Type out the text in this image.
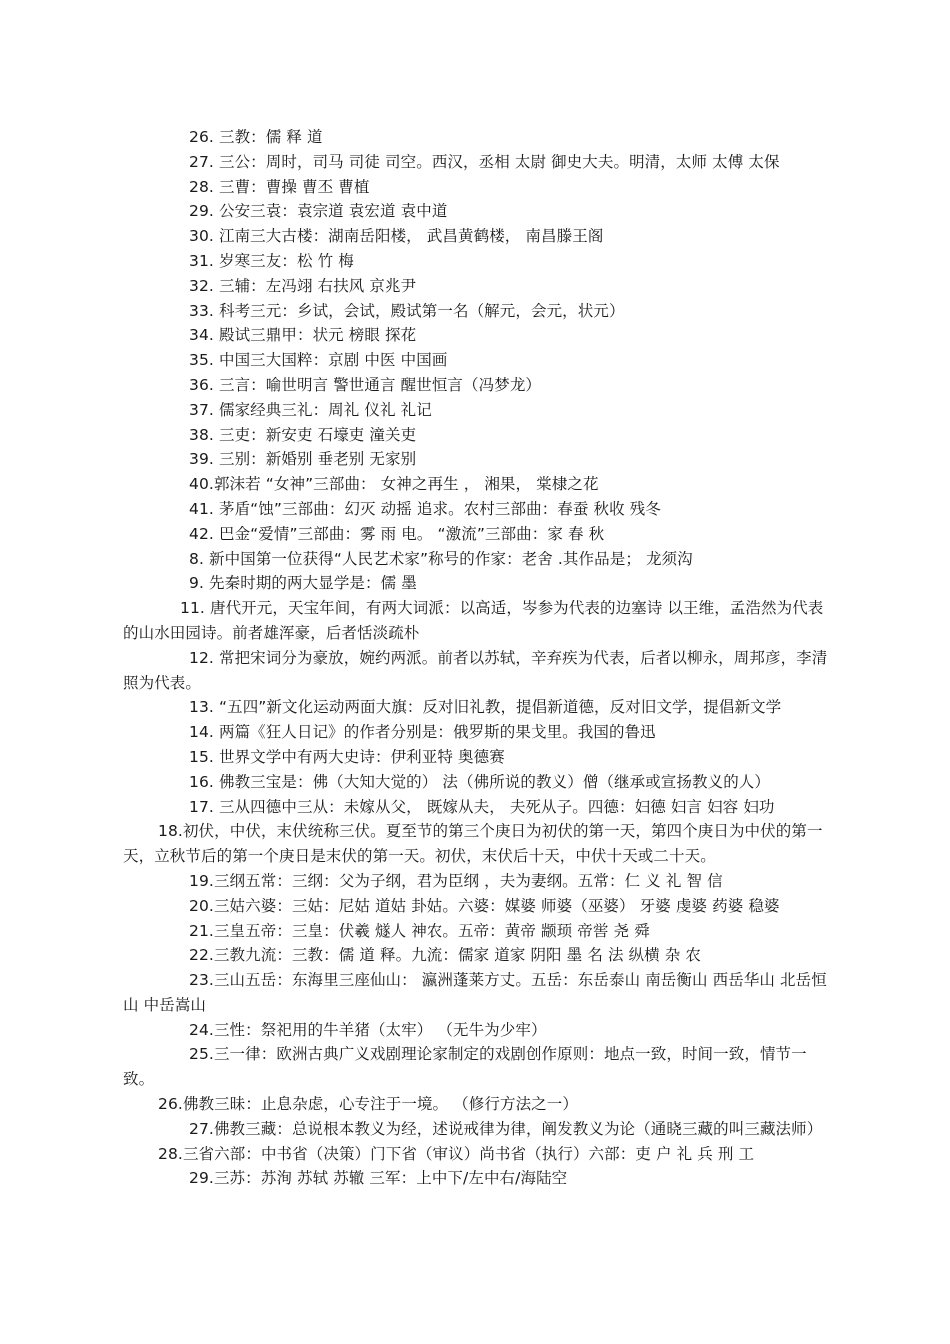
26. 三教：儒 释 道

27. 三公：周时，司马 司徒 司空。西汉，丞相 太尉 御史大夫。明清，太师 太傅 太保

28. 三曹：曹操 曹丕 曹植

29. 公安三袁：袁宗道 袁宏道 袁中道

30. 江南三大古楼：湖南岳阳楼， 武昌黄鹤楼， 南昌滕王阁

31. 岁寒三友：松 竹 梅

32. 三辅：左冯翊 右扶风 京兆尹

33. 科考三元：乡试，会试，殿试第一名（解元，会元，状元）

34. 殿试三鼎甲：状元 榜眼 探花

35. 中国三大国粹：京剧 中医 中国画

36. 三言：喻世明言 警世通言 醒世恒言（冯梦龙）

37. 儒家经典三礼：周礼 仪礼 礼记

38. 三吏：新安吏 石壕吏 潼关吏

39. 三别：新婚别 垂老别 无家别

40.郭沫若 “女神”三部曲： 女神之再生 ， 湘果， 棠棣之花

41. 茅盾“蚀”三部曲：幻灭 动摇 追求。农村三部曲：春蚕 秋收 残冬

42. 巴金“爱情”三部曲：雾 雨 电。 “激流”三部曲：家 春 秋

8. 新中国第一位获得“人民艺术家”称号的作家：老舍 .其作品是； 龙须沟

9. 先秦时期的两大显学是：儒 墨

11. 唐代开元，天宝年间，有两大词派：以高适，岑参为代表的边塞诗 以王维，孟浩然为代表的山水田园诗。前者雄浑豪，后者恬淡疏朴

12. 常把宋词分为豪放，婉约两派。前者以苏轼，辛弃疾为代表，后者以柳永，周邦彦，李清照为代表。

13. “五四”新文化运动两面大旗：反对旧礼教，提倡新道德，反对旧文学，提倡新文学

14. 两篇《狂人日记》的作者分别是：俄罗斯的果戈里。我国的鲁迅

15. 世界文学中有两大史诗：伊利亚特 奥德赛

16. 佛教三宝是：佛（大知大觉的） 法（佛所说的教义）僧（继承或宣扬教义的人）

17. 三从四德中三从：未嫁从父， 既嫁从夫， 夫死从子。四德：妇德 妇言 妇容 妇功

18.初伏，中伏，末伏统称三伏。夏至节的第三个庚日为初伏的第一天，第四个庚日为中伏的第一天，立秋节后的第一个庚日是末伏的第一天。初伏，末伏后十天，中伏十天或二十天。

19.三纲五常：三纲：父为子纲，君为臣纲 ，夫为妻纲。五常：仁 义 礼 智 信

20.三姑六婆：三姑：尼姑 道姑 卦姑。六婆：媒婆 师婆（巫婆） 牙婆 虔婆 药婆 稳婆

21.三皇五帝：三皇：伏羲 燧人 神农。五帝：黄帝 颛顼 帝喾 尧 舜

22.三教九流：三教：儒 道 释。九流：儒家 道家 阴阳 墨 名 法 纵横 杂 农

23.三山五岳：东海里三座仙山： 瀛洲蓬莱方丈。五岳：东岳泰山 南岳衡山 西岳华山 北岳恒山 中岳嵩山

24.三性：祭祀用的牛羊猪（太牢） （无牛为少牢）

25.三一律：欧洲古典广义戏剧理论家制定的戏剧创作原则：地点一致，时间一致，情节一致。

26.佛教三昧：止息杂虑，心专注于一境。 （修行方法之一）

27.佛教三藏：总说根本教义为经，述说戒律为律，阐发教义为论（通晓三藏的叫三藏法师）

28.三省六部：中书省（决策）门下省（审议）尚书省（执行）六部：吏 户 礼 兵 刑 工

29.三苏：苏洵 苏轼 苏辙 三军：上中下/左中右/海陆空
